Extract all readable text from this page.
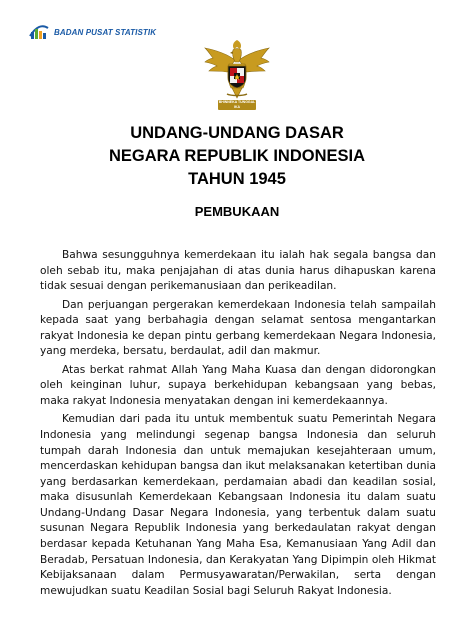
BADAN PUSAT STATISTIK
BHINNEKA TUNGGAL IKA
UNDANG-UNDANG DASAR
NEGARA REPUBLIK INDONESIA
TAHUN 1945
PEMBUKAAN

Bahwa sesungguhnya kemerdekaan itu ialah hak segala bangsa dan oleh sebab itu, maka penjajahan di atas dunia harus dihapuskan karena tidak sesuai dengan perikemanusiaan dan perikeadilan.

Dan perjuangan pergerakan kemerdekaan Indonesia telah sampailah kepada saat yang berbahagia dengan selamat sentosa mengantarkan rakyat Indonesia ke depan pintu gerbang kemerdekaan Negara Indonesia, yang merdeka, bersatu, berdaulat, adil dan makmur.

Atas berkat rahmat Allah Yang Maha Kuasa dan dengan didorongkan oleh keinginan luhur, supaya berkehidupan kebangsaan yang bebas, maka rakyat Indonesia menyatakan dengan ini kemerdekaannya.

Kemudian dari pada itu untuk membentuk suatu Pemerintah Negara Indonesia yang melindungi segenap bangsa Indonesia dan seluruh tumpah darah Indonesia dan untuk memajukan kesejahteraan umum, mencerdaskan kehidupan bangsa dan ikut melaksanakan ketertiban dunia yang berdasarkan kemerdekaan, perdamaian abadi dan keadilan sosial, maka disusunlah Kemerdekaan Kebangsaan Indonesia itu dalam suatu Undang-Undang Dasar Negara Indonesia, yang terbentuk dalam suatu susunan Negara Republik Indonesia yang berkedaulatan rakyat dengan berdasar kepada Ketuhanan Yang Maha Esa, Kemanusiaan Yang Adil dan Beradab, Persatuan Indonesia, dan Kerakyatan Yang Dipimpin oleh Hikmat Kebijaksanaan dalam Permusyawaratan/Perwakilan, serta dengan mewujudkan suatu Keadilan Sosial bagi Seluruh Rakyat Indonesia.
